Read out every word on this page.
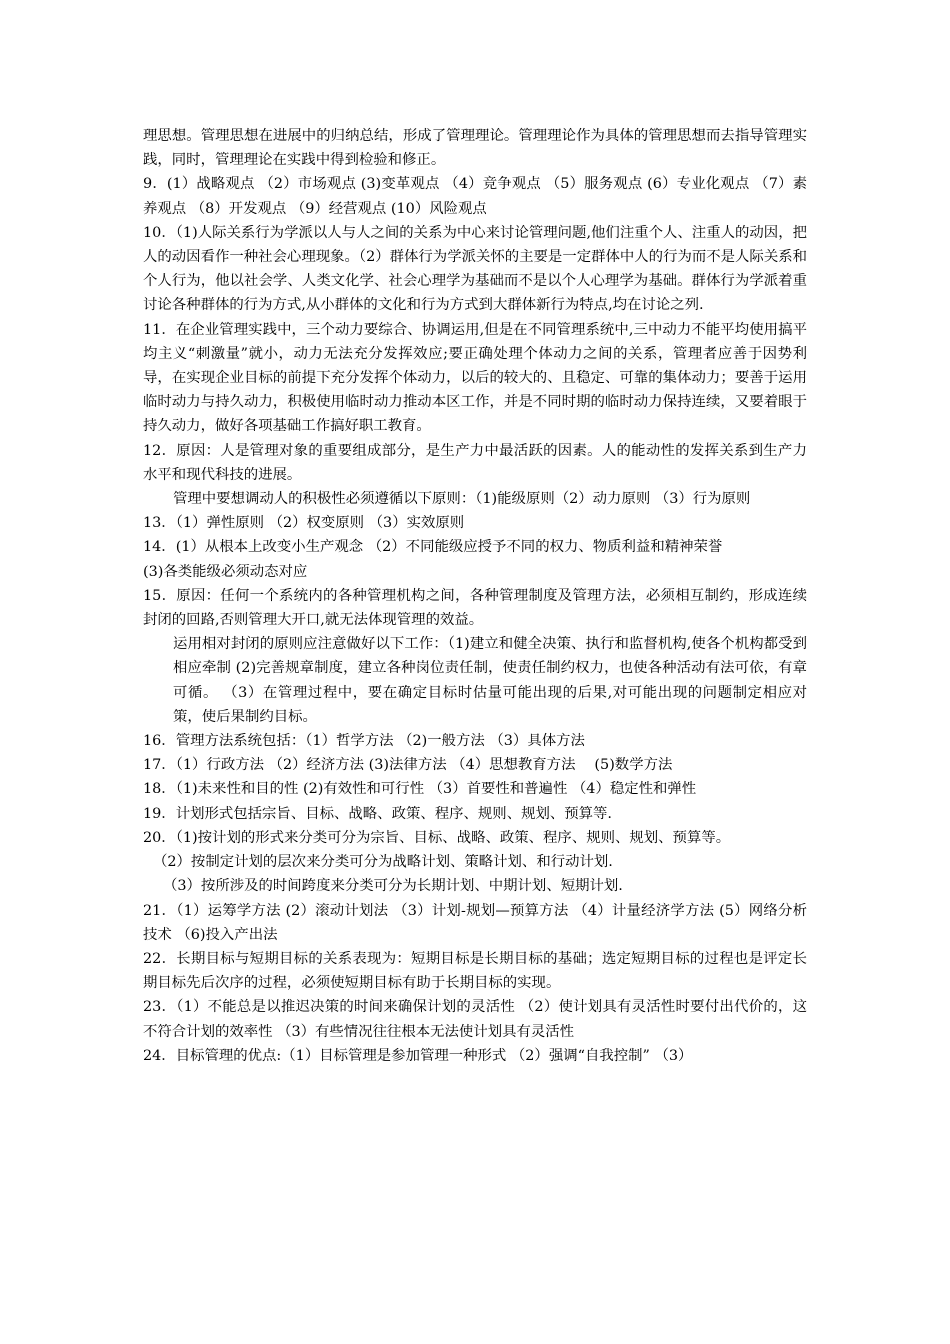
理思想。管理思想在进展中的归纳总结，形成了管理理论。管理理论作为具体的管理思想而去指导管理实践，同时，管理理论在实践中得到检验和修正。

9．(1）战略观点 （2）市场观点 (3)变革观点 （4）竞争观点 （5）服务观点 (6）专业化观点 （7）素养观点 （8）开发观点 （9）经营观点 (10）风险观点

10．（1)人际关系行为学派以人与人之间的关系为中心来讨论管理问题,他们注重个人、注重人的动因，把人的动因看作一种社会心理现象。（2）群体行为学派关怀的主要是一定群体中人的行为而不是人际关系和个人行为，他以社会学、人类文化学、社会心理学为基础而不是以个人心理学为基础。群体行为学派着重讨论各种群体的行为方式,从小群体的文化和行为方式到大群体新行为特点,均在讨论之列.

11．在企业管理实践中，三个动力要综合、协调运用,但是在不同管理系统中,三中动力不能平均使用搞平均主义“刺激量”就小，动力无法充分发挥效应;要正确处理个体动力之间的关系，管理者应善于因势利导，在实现企业目标的前提下充分发挥个体动力，以后的较大的、且稳定、可靠的集体动力；要善于运用临时动力与持久动力，积极使用临时动力推动本区工作，并是不同时期的临时动力保持连续，又要着眼于持久动力，做好各项基础工作搞好职工教育。

12．原因：人是管理对象的重要组成部分，是生产力中最活跃的因素。人的能动性的发挥关系到生产力水平和现代科技的进展。

管理中要想调动人的积极性必须遵循以下原则：（1)能级原则（2）动力原则 （3）行为原则

13．（1）弹性原则 （2）权变原则 （3）实效原则

14．(1）从根本上改变小生产观念 （2）不同能级应授予不同的权力、物质利益和精神荣誉

(3)各类能级必须动态对应

15．原因：任何一个系统内的各种管理机构之间，各种管理制度及管理方法，必须相互制约，形成连续封闭的回路,否则管理大开口,就无法体现管理的效益。

运用相对封闭的原则应注意做好以下工作：（1)建立和健全决策、执行和监督机构,使各个机构都受到相应牵制 (2)完善规章制度，建立各种岗位责任制，使责任制约权力，也使各种活动有法可依，有章可循。 （3）在管理过程中，要在确定目标时估量可能出现的后果,对可能出现的问题制定相应对策，使后果制约目标。

16．管理方法系统包括：（1）哲学方法 （2)一般方法 （3）具体方法

17．（1）行政方法 （2）经济方法 (3)法律方法 （4）思想教育方法　 (5)数学方法

18．（1)未来性和目的性 (2)有效性和可行性 （3）首要性和普遍性 （4）稳定性和弹性

19．计划形式包括宗旨、目标、战略、政策、程序、规则、规划、预算等.

20．（1)按计划的形式来分类可分为宗旨、目标、战略、政策、程序、规则、规划、预算等。

（2）按制定计划的层次来分类可分为战略计划、策略计划、和行动计划.

（3）按所涉及的时间跨度来分类可分为长期计划、中期计划、短期计划.

21．（1）运筹学方法 (2）滚动计划法 （3）计划-规划—预算方法 （4）计量经济学方法 (5）网络分析技术 （6)投入产出法

22．长期目标与短期目标的关系表现为：短期目标是长期目标的基础；选定短期目标的过程也是评定长期目标先后次序的过程，必须使短期目标有助于长期目标的实现。

23．（1）不能总是以推迟决策的时间来确保计划的灵活性 （2）使计划具有灵活性时要付出代价的，这不符合计划的效率性 （3）有些情况往往根本无法使计划具有灵活性

24．目标管理的优点:（1）目标管理是参加管理一种形式 （2）强调“自我控制” （3）
